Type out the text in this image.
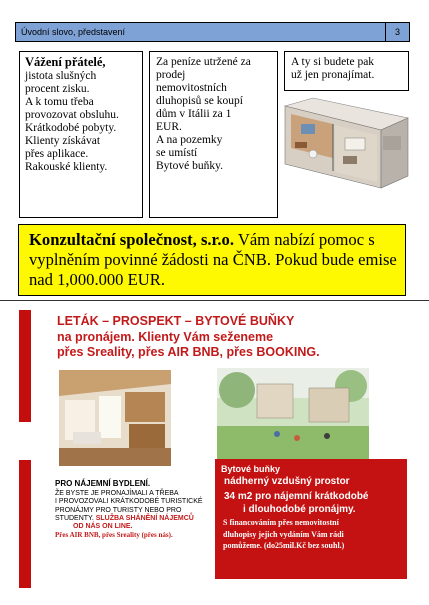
Úvodní slovo, představení	3
Vážení přátelé,
jistota slušných
procent zisku.
A k tomu třeba
provozovat obsluhu.
Krátkodobé pobyty.
Klienty získávat
přes aplikace.
Rakouské klienty.
Za peníze utržené za
prodej
nemovitostních
dluhopisů se koupí
dům v Itálii za 1
EUR.
A na pozemky
se umístí
Bytové buňky.
A ty si budete pak
už jen pronajímat.
Konzultační společnost, s.r.o. Vám nabízí pomoc s vyplněním povinné žádosti na ČNB. Pokud bude emise nad 1,000.000 EUR.
LETÁK – PROSPEKT – BYTOVÉ BUŇKY
na pronájem. Klienty Vám seženeme
přes Sreality, přes AIR BNB, přes BOOKING.
PRO NÁJEMNÍ BYDLENÍ.
ŽE BYSTE JE PRONAJÍMALI A TŘEBA
I PROVOZOVALI KRÁTKODOBÉ TURISTICKÉ
PRONÁJMY PRO TURISTY NEBO PRO
STUDENTY. SLUŽBA SHÁNĚNÍ NÁJEMCŮ
OD NÁS ON LINE.
Přes AIR BNB, přes Sreality (přes nás).
Bytové buňky
nádherný vzdušný prostor
34 m2 pro nájemní krátkodobé
i dlouhodobé pronájmy.
S financováním přes nemovitostní
dluhopisy jejich vydáním Vám rádi
pomůžeme. (do25mil.Kč bez souhl.)
